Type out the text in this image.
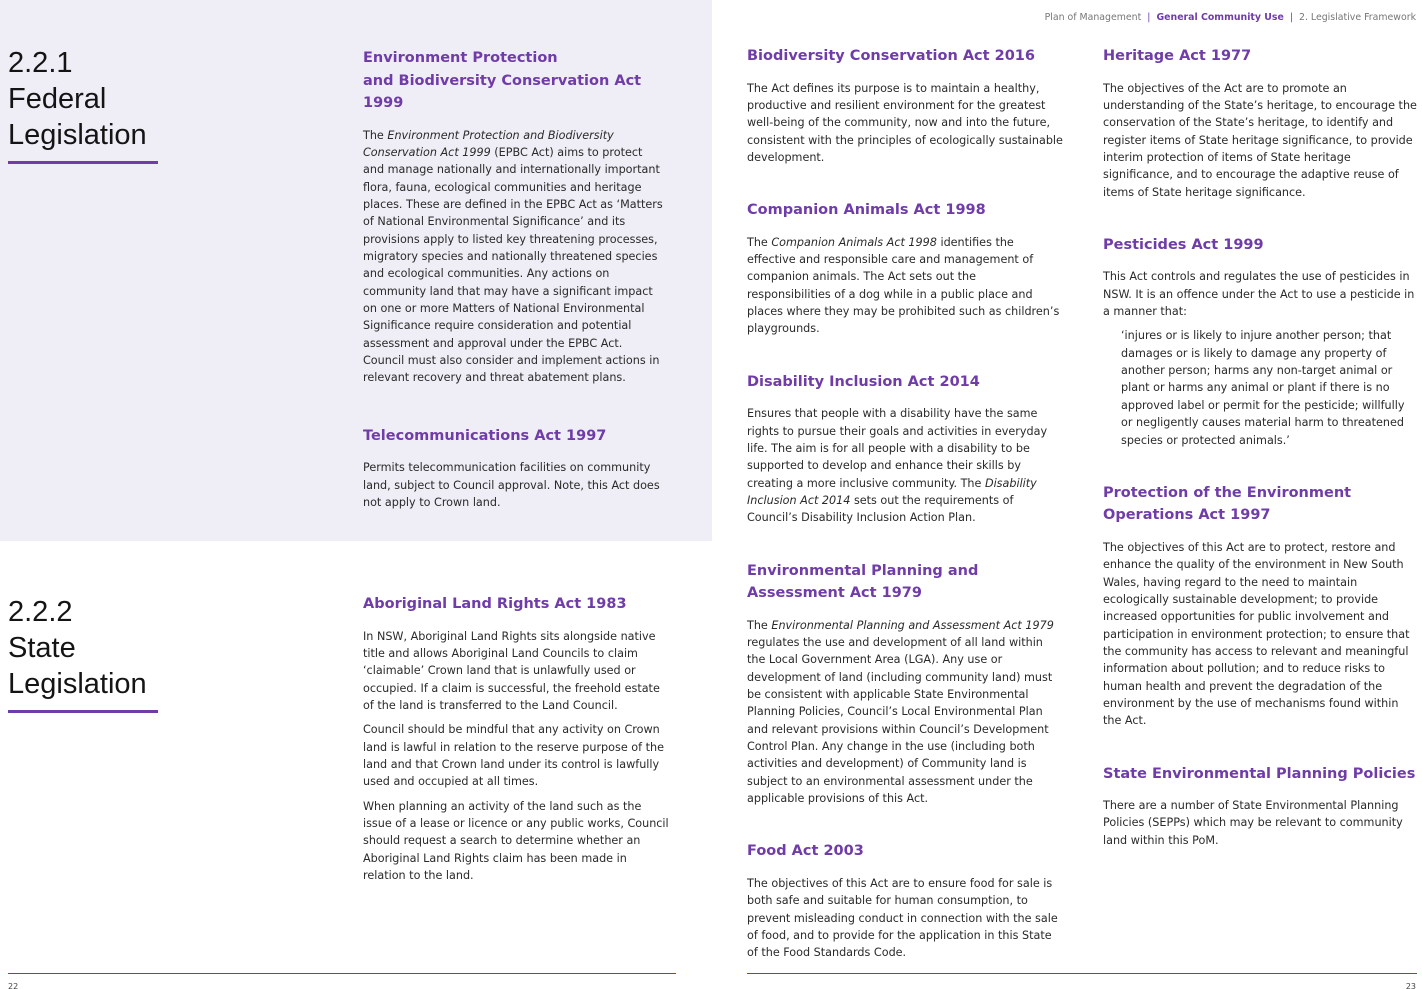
Plan of Management | General Community Use | 2. Legislative Framework
2.2.1
Federal
Legislation
Environment Protection
and Biodiversity Conservation Act 1999

The Environment Protection and Biodiversity Conservation Act 1999 (EPBC Act) aims to protect and manage nationally and internationally important flora, fauna, ecological communities and heritage places. These are defined in the EPBC Act as ‘Matters of National Environmental Significance’ and its provisions apply to listed key threatening processes, migratory species and nationally threatened species and ecological communities. Any actions on community land that may have a significant impact on one or more Matters of National Environmental Significance require consideration and potential assessment and approval under the EPBC Act. Council must also consider and implement actions in relevant recovery and threat abatement plans.

Telecommunications Act 1997

Permits telecommunication facilities on community land, subject to Council approval. Note, this Act does not apply to Crown land.

2.2.2
State
Legislation
Aboriginal Land Rights Act 1983

In NSW, Aboriginal Land Rights sits alongside native title and allows Aboriginal Land Councils to claim ‘claimable’ Crown land that is unlawfully used or occupied. If a claim is successful, the freehold estate of the land is transferred to the Land Council.

Council should be mindful that any activity on Crown land is lawful in relation to the reserve purpose of the land and that Crown land under its control is lawfully used and occupied at all times.

When planning an activity of the land such as the issue of a lease or licence or any public works, Council should request a search to determine whether an Aboriginal Land Rights claim has been made in relation to the land.

Biodiversity Conservation Act 2016

The Act defines its purpose is to maintain a healthy, productive and resilient environment for the greatest well-being of the community, now and into the future, consistent with the principles of ecologically sustainable development.

Companion Animals Act 1998

The Companion Animals Act 1998 identifies the effective and responsible care and management of companion animals. The Act sets out the responsibilities of a dog while in a public place and places where they may be prohibited such as children’s playgrounds.

Disability Inclusion Act 2014

Ensures that people with a disability have the same rights to pursue their goals and activities in everyday life. The aim is for all people with a disability to be supported to develop and enhance their skills by creating a more inclusive community. The Disability Inclusion Act 2014 sets out the requirements of Council’s Disability Inclusion Action Plan.

Environmental Planning and
Assessment Act 1979

The Environmental Planning and Assessment Act 1979 regulates the use and development of all land within the Local Government Area (LGA). Any use or development of land (including community land) must be consistent with applicable State Environmental Planning Policies, Council’s Local Environmental Plan and relevant provisions within Council’s Development Control Plan. Any change in the use (including both activities and development) of Community land is subject to an environmental assessment under the applicable provisions of this Act.

Food Act 2003

The objectives of this Act are to ensure food for sale is both safe and suitable for human consumption, to prevent misleading conduct in connection with the sale of food, and to provide for the application in this State of the Food Standards Code.

Heritage Act 1977

The objectives of the Act are to promote an understanding of the State’s heritage, to encourage the conservation of the State’s heritage, to identify and register items of State heritage significance, to provide interim protection of items of State heritage significance, and to encourage the adaptive reuse of items of State heritage significance.

Pesticides Act 1999

This Act controls and regulates the use of pesticides in NSW. It is an offence under the Act to use a pesticide in a manner that:

‘injures or is likely to injure another person; that damages or is likely to damage any property of another person; harms any non-target animal or plant or harms any animal or plant if there is no approved label or permit for the pesticide; willfully or negligently causes material harm to threatened species or protected animals.’

Protection of the Environment
Operations Act 1997

The objectives of this Act are to protect, restore and enhance the quality of the environment in New South Wales, having regard to the need to maintain ecologically sustainable development; to provide increased opportunities for public involvement and participation in environment protection; to ensure that the community has access to relevant and meaningful information about pollution; and to reduce risks to human health and prevent the degradation of the environment by the use of mechanisms found within the Act.

State Environmental Planning Policies

There are a number of State Environmental Planning Policies (SEPPs) which may be relevant to community land within this PoM.

22	23
